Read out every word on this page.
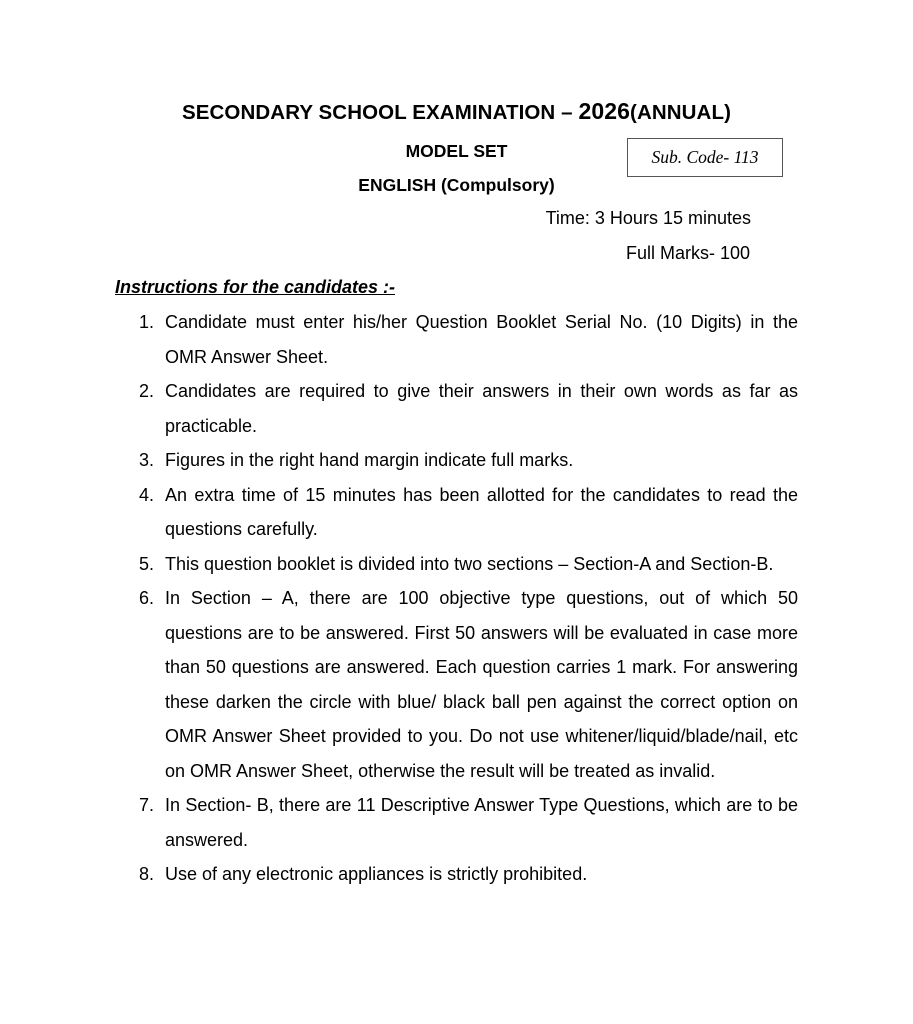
SECONDARY SCHOOL EXAMINATION – 2026(ANNUAL)
MODEL SET	Sub. Code- 113
ENGLISH (Compulsory)
Time: 3 Hours 15 minutes
Full Marks- 100
Instructions for the candidates :-

1. Candidate must enter his/her Question Booklet Serial No. (10 Digits) in the OMR Answer Sheet.

2. Candidates are required to give their answers in their own words as far as practicable.

3. Figures in the right hand margin indicate full marks.

4. An extra time of 15 minutes has been allotted for the candidates to read the questions carefully.

5. This question booklet is divided into two sections – Section-A and Section-B.

6. In Section – A, there are 100 objective type questions, out of which 50 questions are to be answered. First 50 answers will be evaluated in case more than 50 questions are answered. Each question carries 1 mark. For answering these darken the circle with blue/ black ball pen against the correct option on OMR Answer Sheet provided to you. Do not use whitener/liquid/blade/nail, etc on OMR Answer Sheet, otherwise the result will be treated as invalid.

7. In Section- B, there are 11 Descriptive Answer Type Questions, which are to be answered.

8. Use of any electronic appliances is strictly prohibited.
